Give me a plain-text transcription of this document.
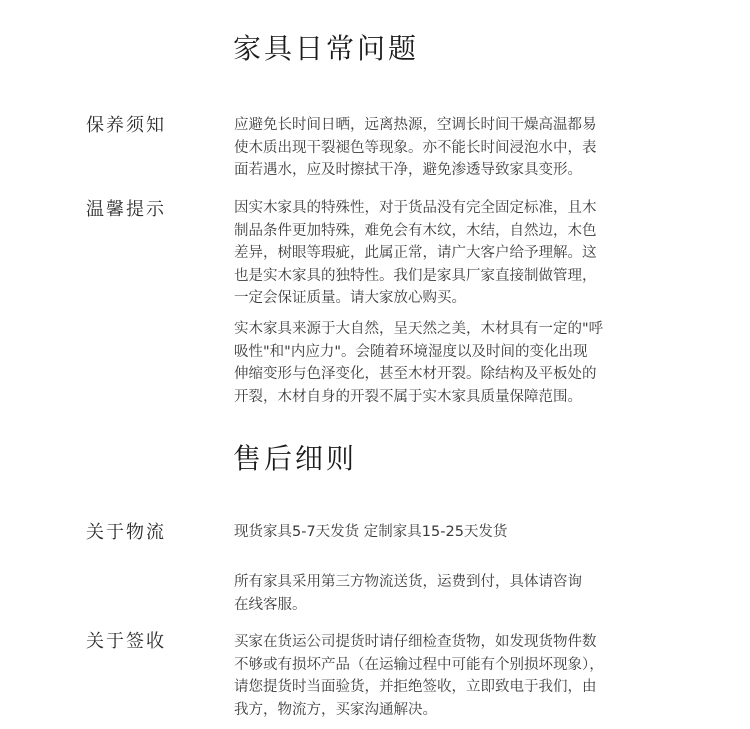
家具日常问题
保养须知	应避免长时间日晒，远离热源，空调长时间干燥高温都易
使木质出现干裂褪色等现象。亦不能长时间浸泡水中，表
面若遇水，应及时擦拭干净，避免渗透导致家具变形。

温馨提示	因实木家具的特殊性，对于货品没有完全固定标准，且木
制品条件更加特殊，难免会有木纹，木结，自然边，木色
差异，树眼等瑕疵，此属正常，请广大客户给予理解。这
也是实木家具的独特性。我们是家具厂家直接制做管理，
一定会保证质量。请大家放心购买。

实木家具来源于大自然，呈天然之美，木材具有一定的"呼
吸性"和"内应力"。会随着环境湿度以及时间的变化出现
伸缩变形与色泽变化，甚至木材开裂。除结构及平板处的
开裂，木材自身的开裂不属于实木家具质量保障范围。

售后细则
关于物流	现货家具5-7天发货 定制家具15-25天发货

所有家具采用第三方物流送货，运费到付，具体请咨询
在线客服。

关于签收	买家在货运公司提货时请仔细检查货物，如发现货物件数
不够或有损坏产品（在运输过程中可能有个别损坏现象），
请您提货时当面验货，并拒绝签收，立即致电于我们，由
我方，物流方，买家沟通解决。
